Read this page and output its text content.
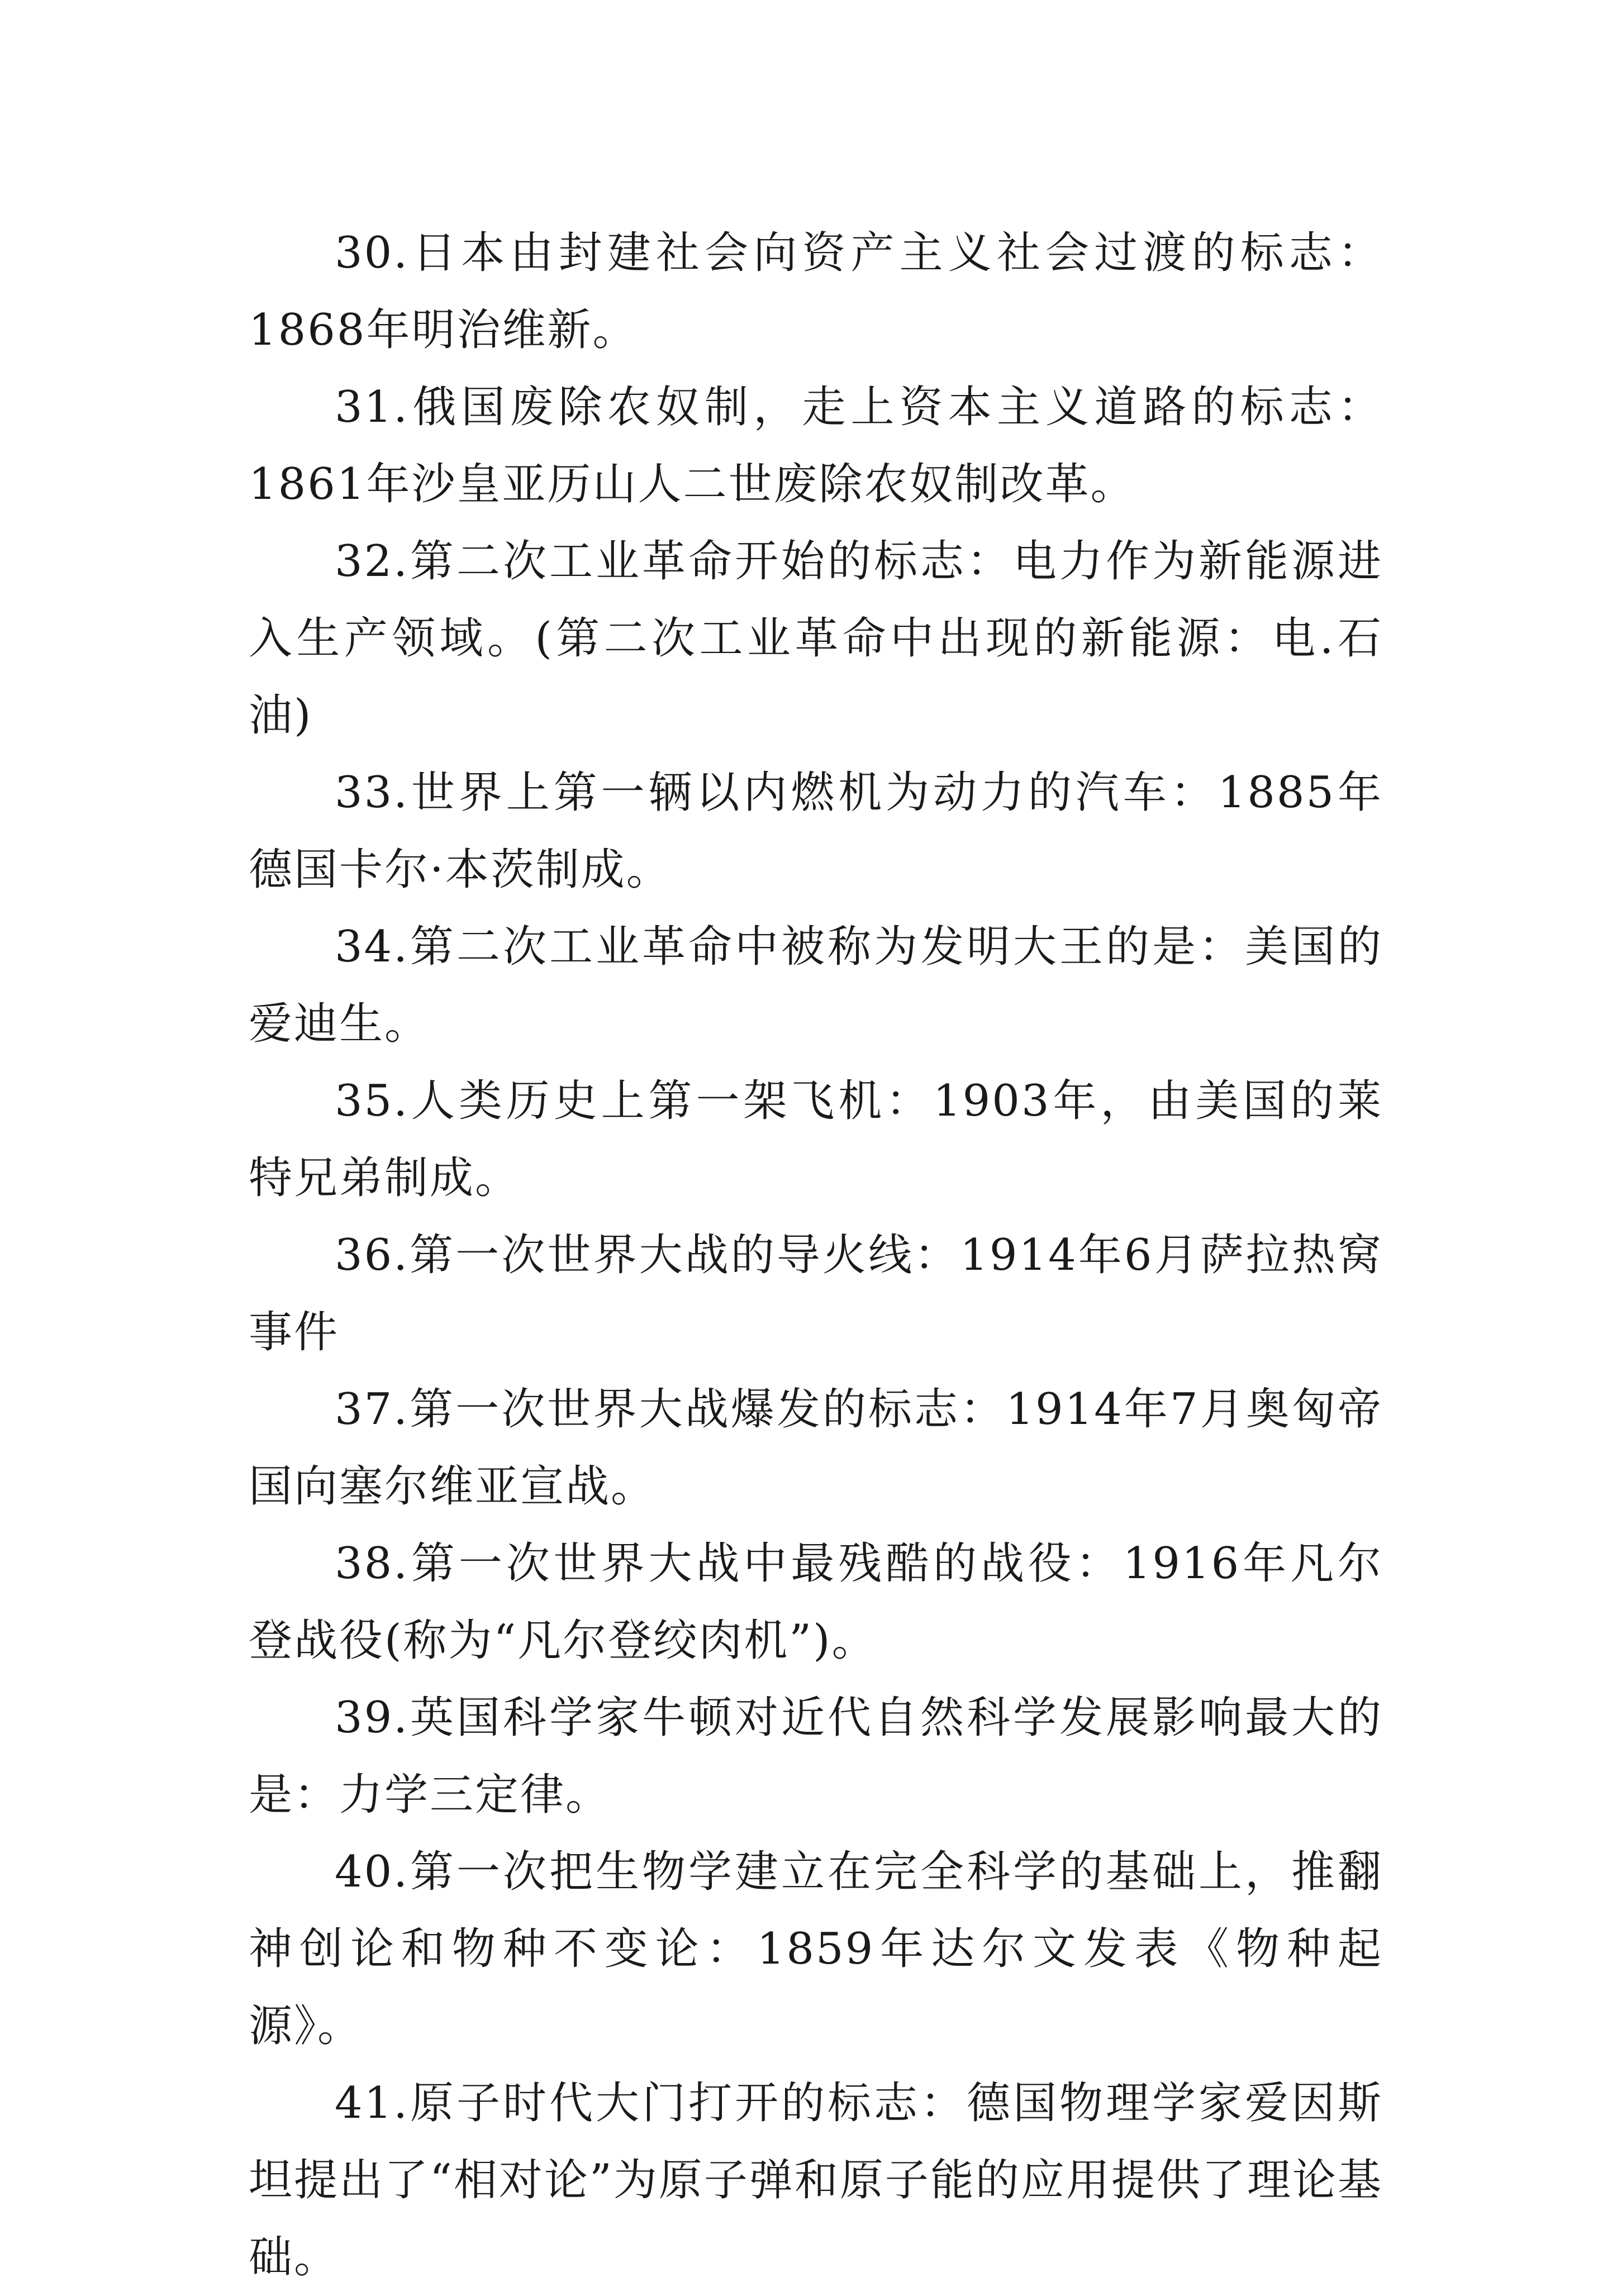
30.日本由封建社会向资产主义社会过渡的标志：1868年明治维新。

31.俄国废除农奴制，走上资本主义道路的标志：1861年沙皇亚历山人二世废除农奴制改革。

32.第二次工业革命开始的标志：电力作为新能源进入生产领域。(第二次工业革命中出现的新能源：电.石油)

33.世界上第一辆以内燃机为动力的汽车：1885年德国卡尔·本茨制成。

34.第二次工业革命中被称为发明大王的是：美国的爱迪生。

35.人类历史上第一架飞机：1903年，由美国的莱特兄弟制成。

36.第一次世界大战的导火线：1914年6月萨拉热窝事件

37.第一次世界大战爆发的标志：1914年7月奥匈帝国向塞尔维亚宣战。

38.第一次世界大战中最残酷的战役：1916年凡尔登战役(称为“凡尔登绞肉机”)。

39.英国科学家牛顿对近代自然科学发展影响最大的是：力学三定律。

40.第一次把生物学建立在完全科学的基础上，推翻神创论和物种不变论：1859年达尔文发表《物种起源》。

41.原子时代大门打开的标志：德国物理学家爱因斯坦提出了“相对论”为原子弹和原子能的应用提供了理论基础。
